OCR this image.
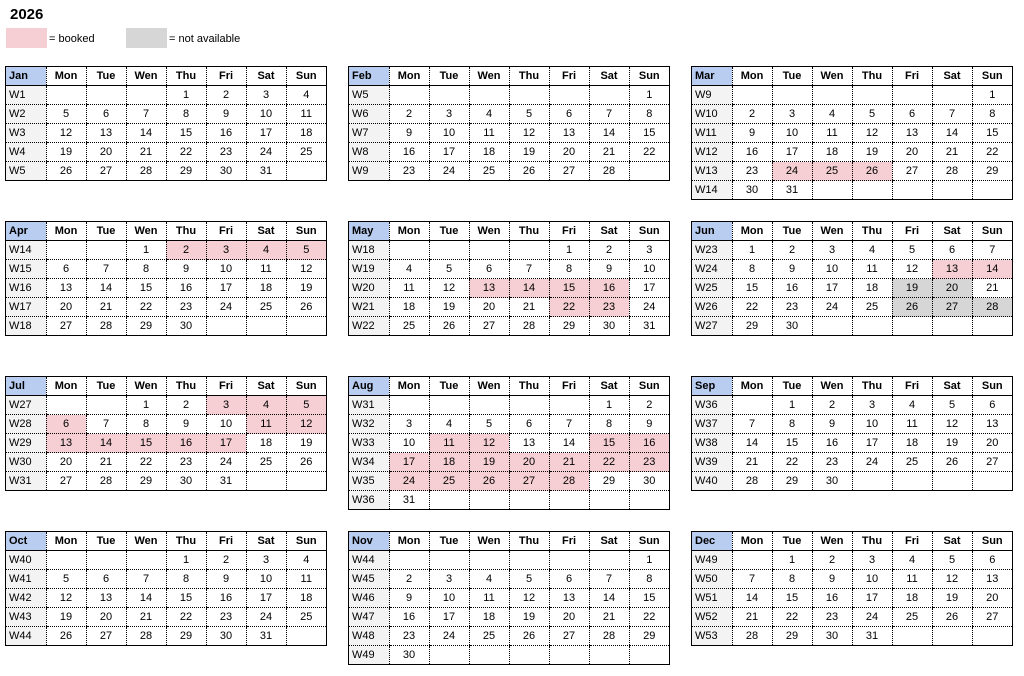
2026
= booked	= not available
Jan	Mon	Tue	Wen	Thu	Fri	Sat	Sun
W1				1	2	3	4
W2	5	6	7	8	9	10	11
W3	12	13	14	15	16	17	18
W4	19	20	21	22	23	24	25
W5	26	27	28	29	30	31	
Feb	Mon	Tue	Wen	Thu	Fri	Sat	Sun
W5							1
W6	2	3	4	5	6	7	8
W7	9	10	11	12	13	14	15
W8	16	17	18	19	20	21	22
W9	23	24	25	26	27	28	
Mar	Mon	Tue	Wen	Thu	Fri	Sat	Sun
W9							1
W10	2	3	4	5	6	7	8
W11	9	10	11	12	13	14	15
W12	16	17	18	19	20	21	22
W13	23	24	25	26	27	28	29
W14	30	31					
Apr	Mon	Tue	Wen	Thu	Fri	Sat	Sun
W14			1	2	3	4	5
W15	6	7	8	9	10	11	12
W16	13	14	15	16	17	18	19
W17	20	21	22	23	24	25	26
W18	27	28	29	30			
May	Mon	Tue	Wen	Thu	Fri	Sat	Sun
W18					1	2	3
W19	4	5	6	7	8	9	10
W20	11	12	13	14	15	16	17
W21	18	19	20	21	22	23	24
W22	25	26	27	28	29	30	31
Jun	Mon	Tue	Wen	Thu	Fri	Sat	Sun
W23	1	2	3	4	5	6	7
W24	8	9	10	11	12	13	14
W25	15	16	17	18	19	20	21
W26	22	23	24	25	26	27	28
W27	29	30					
Jul	Mon	Tue	Wen	Thu	Fri	Sat	Sun
W27			1	2	3	4	5
W28	6	7	8	9	10	11	12
W29	13	14	15	16	17	18	19
W30	20	21	22	23	24	25	26
W31	27	28	29	30	31		
Aug	Mon	Tue	Wen	Thu	Fri	Sat	Sun
W31						1	2
W32	3	4	5	6	7	8	9
W33	10	11	12	13	14	15	16
W34	17	18	19	20	21	22	23
W35	24	25	26	27	28	29	30
W36	31						
Sep	Mon	Tue	Wen	Thu	Fri	Sat	Sun
W36		1	2	3	4	5	6
W37	7	8	9	10	11	12	13
W38	14	15	16	17	18	19	20
W39	21	22	23	24	25	26	27
W40	28	29	30				
Oct	Mon	Tue	Wen	Thu	Fri	Sat	Sun
W40				1	2	3	4
W41	5	6	7	8	9	10	11
W42	12	13	14	15	16	17	18
W43	19	20	21	22	23	24	25
W44	26	27	28	29	30	31	
Nov	Mon	Tue	Wen	Thu	Fri	Sat	Sun
W44							1
W45	2	3	4	5	6	7	8
W46	9	10	11	12	13	14	15
W47	16	17	18	19	20	21	22
W48	23	24	25	26	27	28	29
W49	30						
Dec	Mon	Tue	Wen	Thu	Fri	Sat	Sun
W49		1	2	3	4	5	6
W50	7	8	9	10	11	12	13
W51	14	15	16	17	18	19	20
W52	21	22	23	24	25	26	27
W53	28	29	30	31			
